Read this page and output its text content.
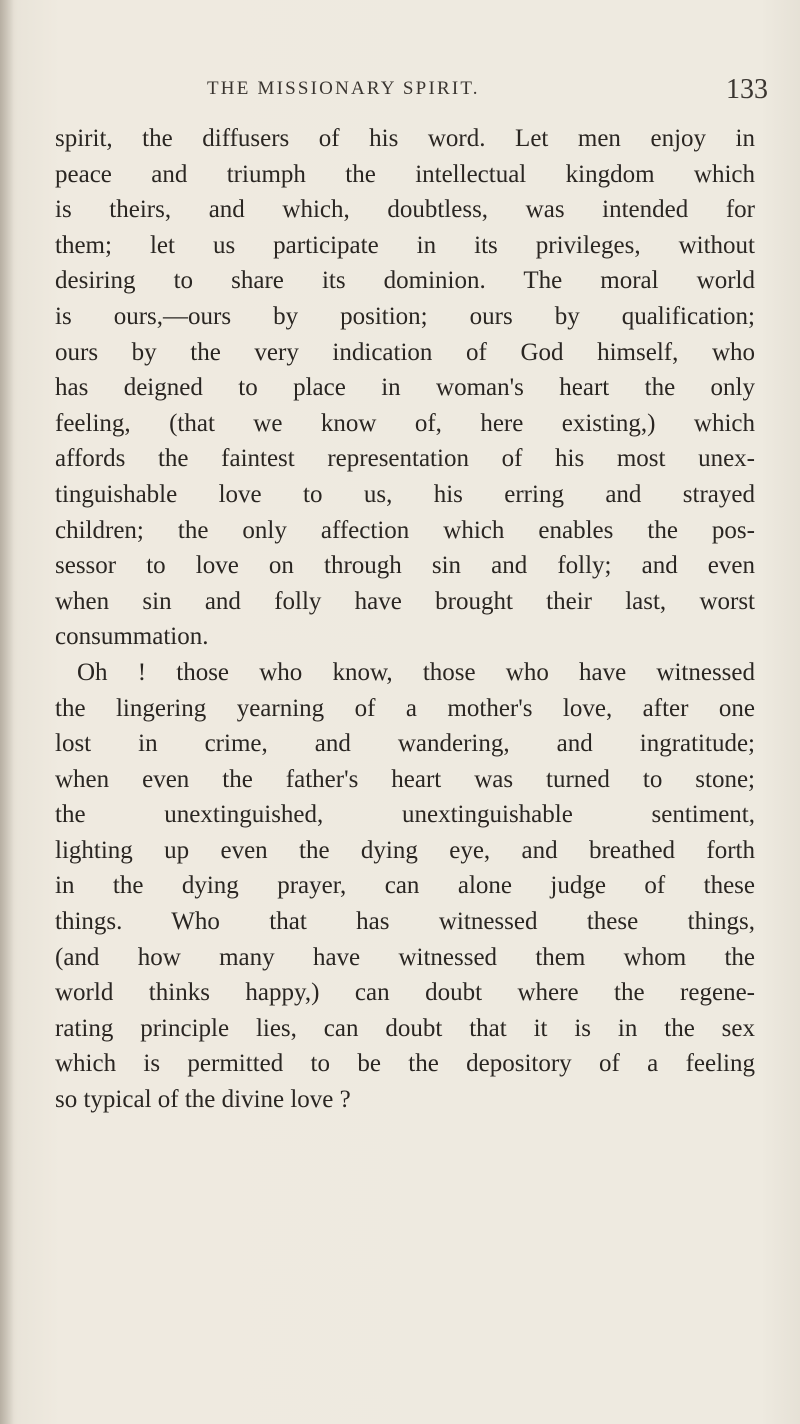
THE MISSIONARY SPIRIT.	133
spirit, the diffusers of his word. Let men enjoy in
peace and triumph the intellectual kingdom which
is theirs, and which, doubtless, was intended for
them; let us participate in its privileges, without
desiring to share its dominion. The moral world
is ours,—ours by position; ours by qualification;
ours by the very indication of God himself, who
has deigned to place in woman's heart the only
feeling, (that we know of, here existing,) which
affords the faintest representation of his most unex-
tinguishable love to us, his erring and strayed
children; the only affection which enables the pos-
sessor to love on through sin and folly; and even
when sin and folly have brought their last, worst
consummation.
Oh ! those who know, those who have witnessed
the lingering yearning of a mother's love, after one
lost in crime, and wandering, and ingratitude;
when even the father's heart was turned to stone;
the unextinguished, unextinguishable sentiment,
lighting up even the dying eye, and breathed forth
in the dying prayer, can alone judge of these
things. Who that has witnessed these things,
(and how many have witnessed them whom the
world thinks happy,) can doubt where the regene-
rating principle lies, can doubt that it is in the sex
which is permitted to be the depository of a feeling
so typical of the divine love ?
